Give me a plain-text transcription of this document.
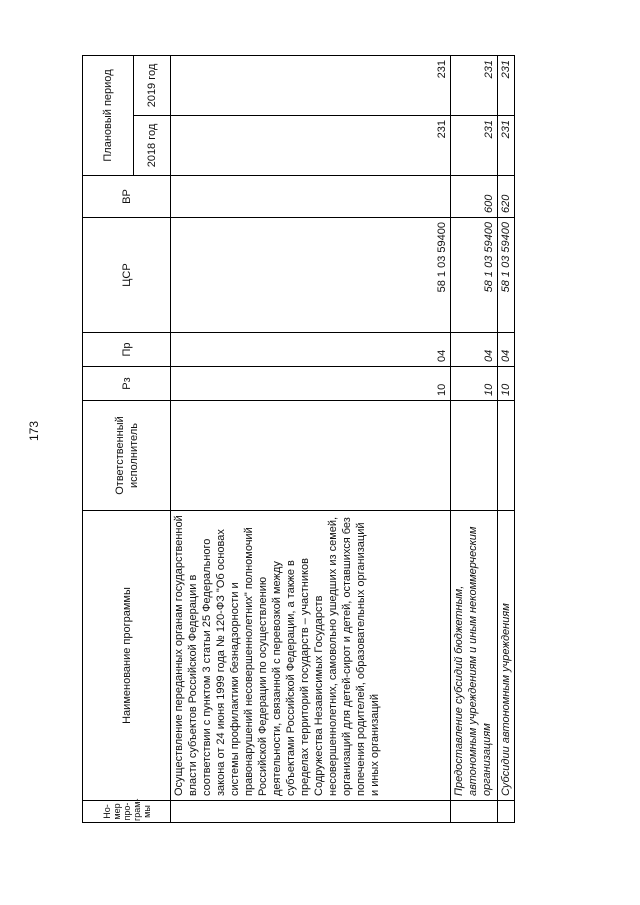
173
Но-мер про-грам-мы	Наименование программы	Ответственный исполнитель	Рз	Пр	ЦСР	ВР	Плановый период	
							2018 год	2019 год
	Осуществление переданных органам государственной власти субъектов Российской Федерации в соответствии с пунктом 3 статьи 25 Федерального закона от 24 июня 1999 года № 120-ФЗ "Об основах системы профилактики безнадзорности и правонарушений несовершеннолетних" полномочий Российской Федерации по осуществлению деятельности, связанной с перевозкой между субъектами Российской Федерации, а также в пределах территорий государств – участников Содружества Независимых Государств несовершеннолетних, самовольно ушедших из семей, организаций для детей-сирот и детей, оставшихся без попечения родителей, образовательных организаций и иных организаций		10	04	58 1 03 59400		231	231
	Предоставление субсидий бюджетным, автономным учреждениям и иным некоммерческим организациям		10	04	58 1 03 59400	600	231	231
	Субсидии автономным учреждениям		10	04	58 1 03 59400	620	231	231
